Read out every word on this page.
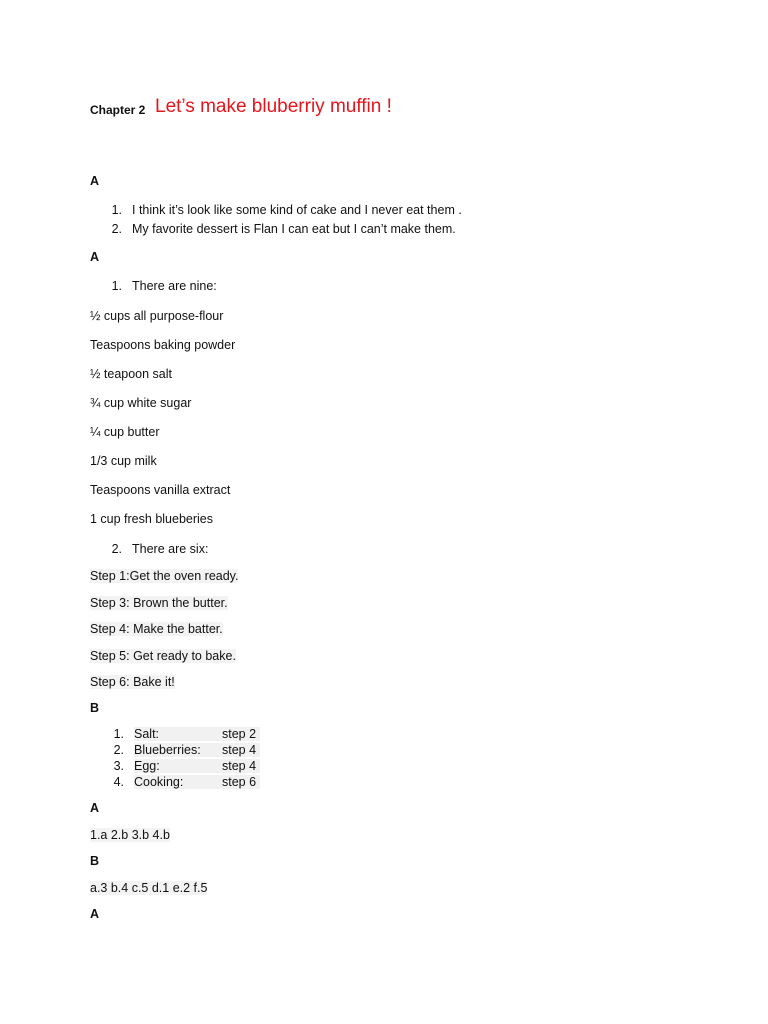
Chapter 2 Let’s make bluberriy muffin !
A
1. I think it’s look like some kind of cake and I never eat them .
2. My favorite dessert is Flan I can eat but I can’t make them.
A
1. There are nine:
½ cups all purpose-flour
Teaspoons baking powder
½ teapoon salt
¾ cup white sugar
¼ cup butter
1/3 cup milk
Teaspoons vanilla extract
1 cup fresh blueberies
2. There are six:
Step 1:Get the oven ready.
Step 3: Brown the butter.
Step 4: Make the batter.
Step 5: Get ready to bake.
Step 6: Bake it!
B
1. Salt:	step 2
2. Blueberries: step 4
3. Egg:	step 4
4. Cooking:	step 6
A
1.a 2.b 3.b 4.b
B
a.3 b.4 c.5 d.1 e.2 f.5
A
